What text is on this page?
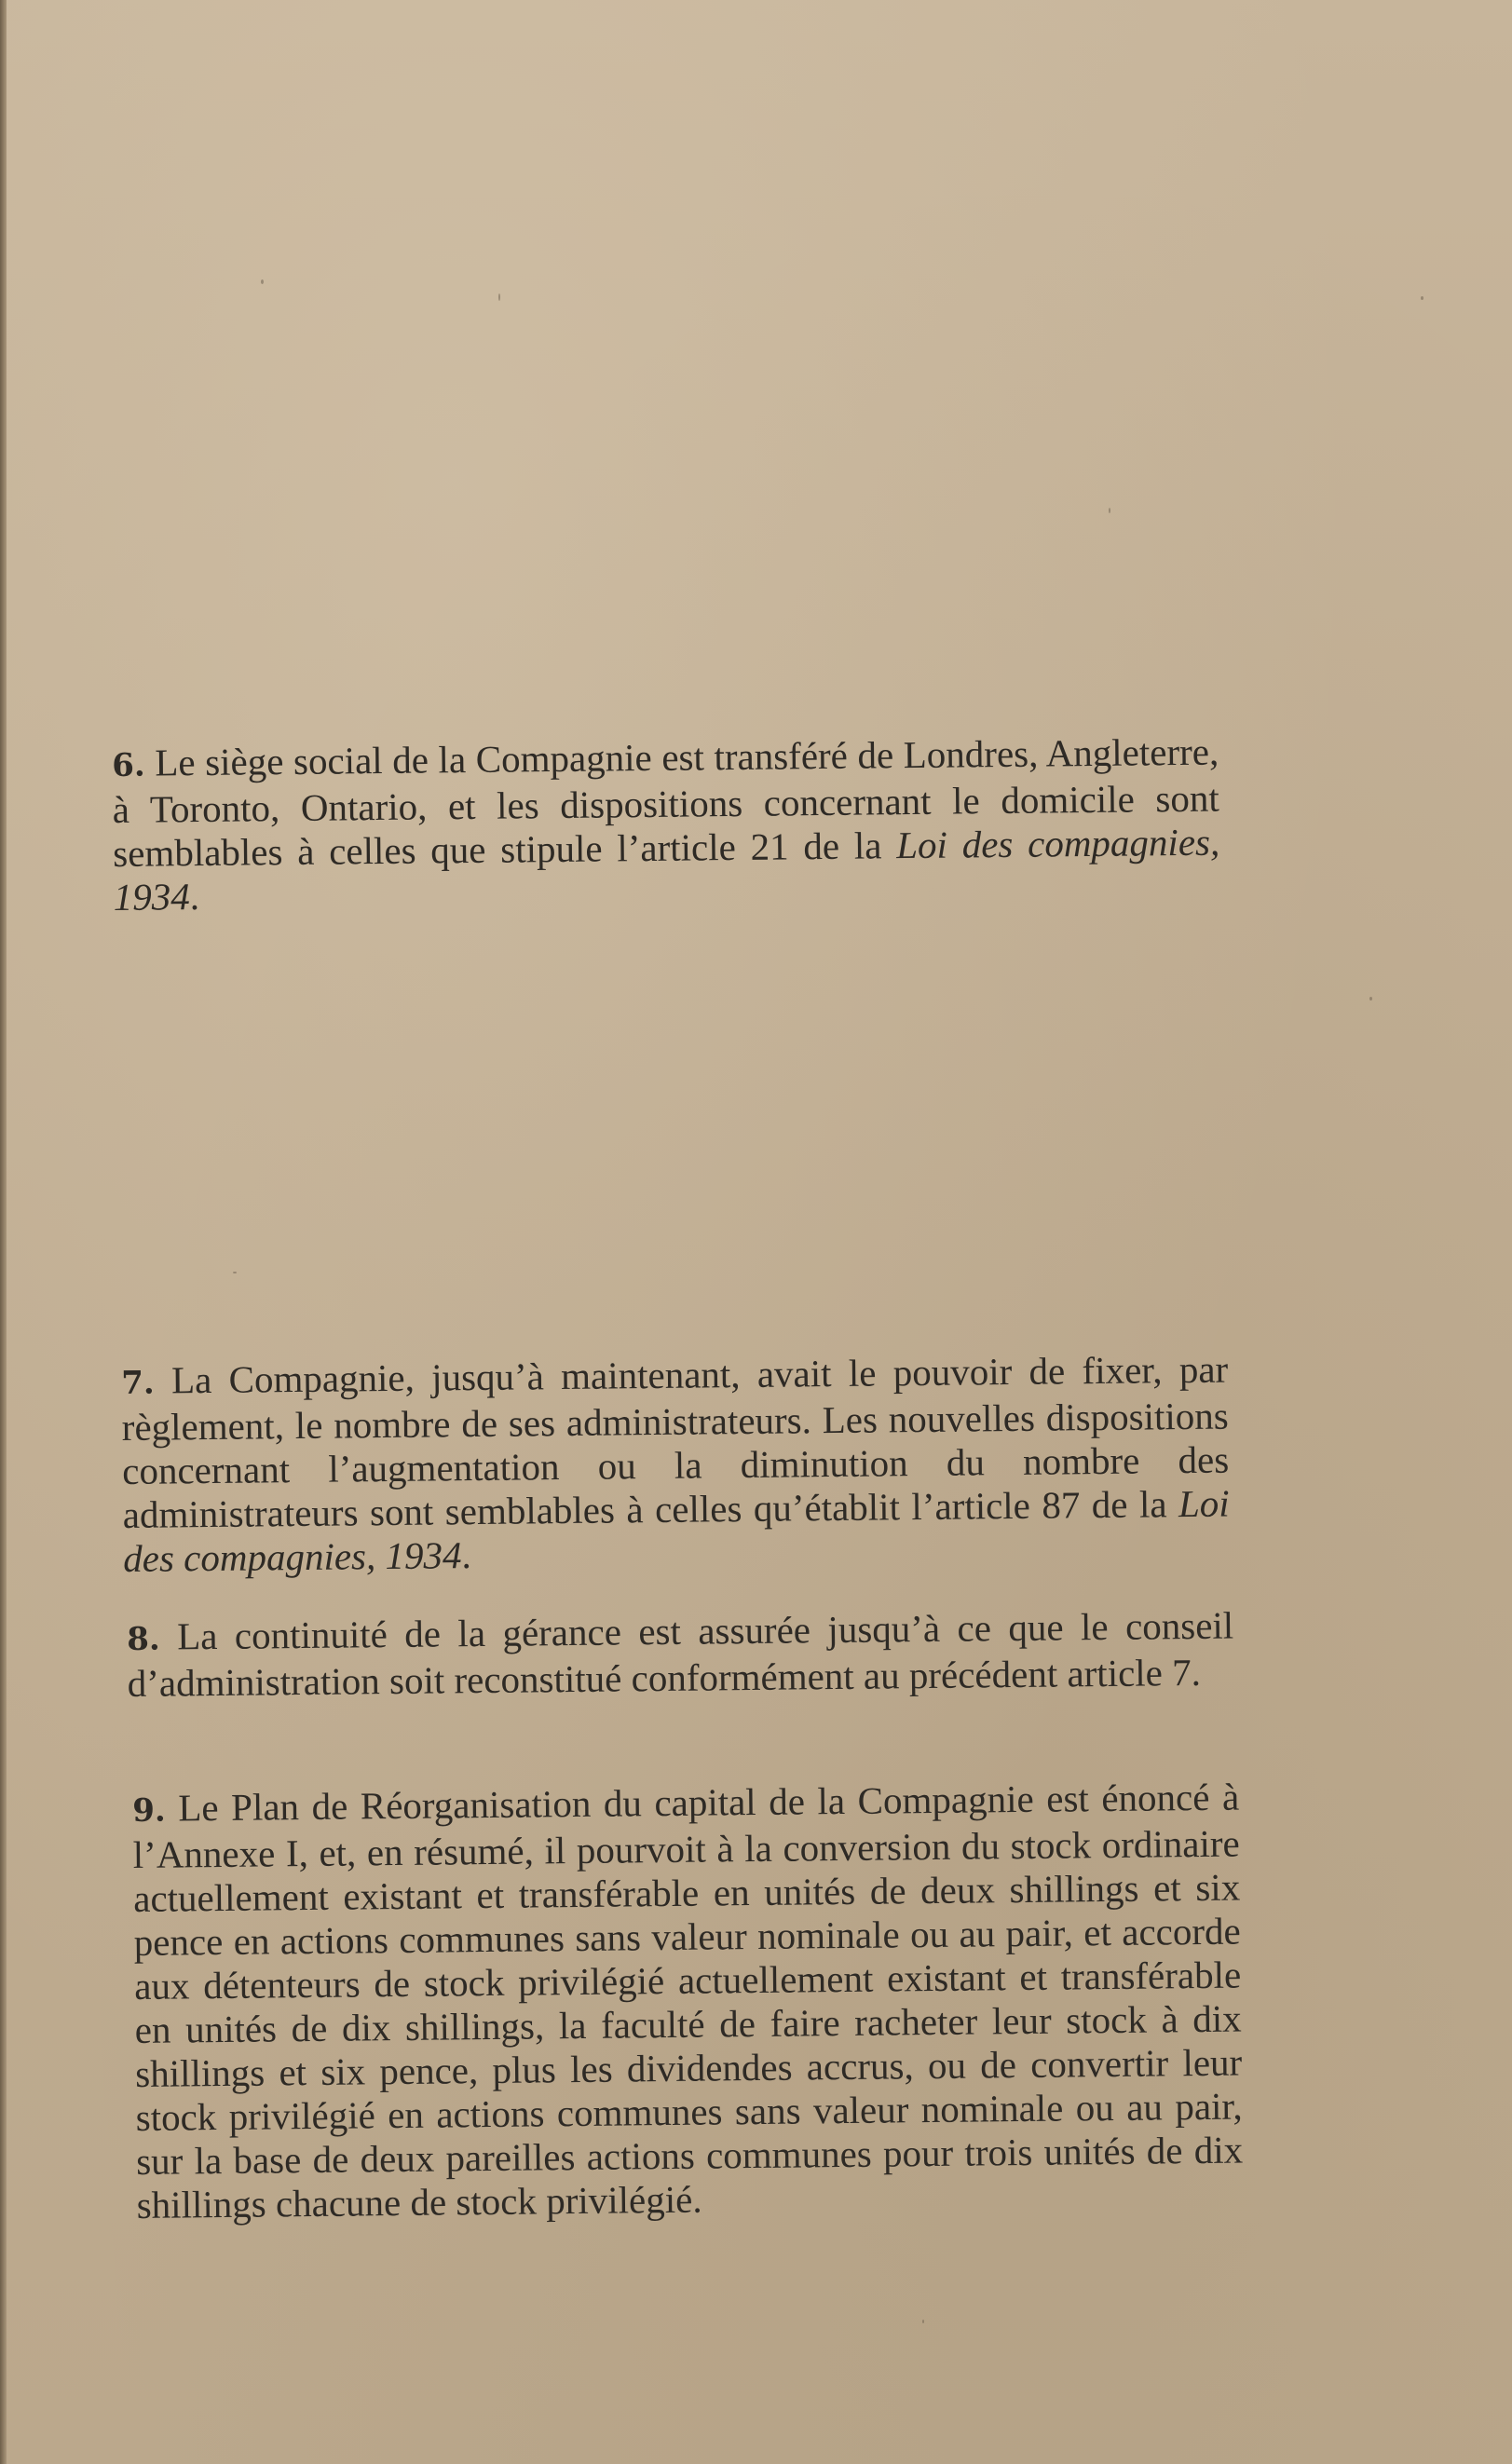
6. Le siège social de la Compagnie est transféré de Londres, Angleterre, à Toronto, Ontario, et les dispositions concernant le domicile sont semblables à celles que stipule l’article 21 de la Loi des compagnies, 1934.

7. La Compagnie, jusqu’à maintenant, avait le pouvoir de fixer, par règlement, le nombre de ses administrateurs. Les nouvelles dispositions concernant l’augmentation ou la diminution du nombre des administrateurs sont semblables à celles qu’établit l’article 87 de la Loi des compagnies, 1934.

8. La continuité de la gérance est assurée jusqu’à ce que le conseil d’administration soit reconstitué conformément au précédent article 7.

9. Le Plan de Réorganisation du capital de la Compagnie est énoncé à l’Annexe I, et, en résumé, il pourvoit à la conversion du stock ordinaire actuellement existant et transférable en unités de deux shillings et six pence en actions communes sans valeur nominale ou au pair, et accorde aux détenteurs de stock privilégié actuellement existant et transférable en unités de dix shillings, la faculté de faire racheter leur stock à dix shillings et six pence, plus les dividendes accrus, ou de convertir leur stock privilégié en actions communes sans valeur nominale ou au pair, sur la base de deux pareilles actions communes pour trois unités de dix shillings chacune de stock privilégié.
